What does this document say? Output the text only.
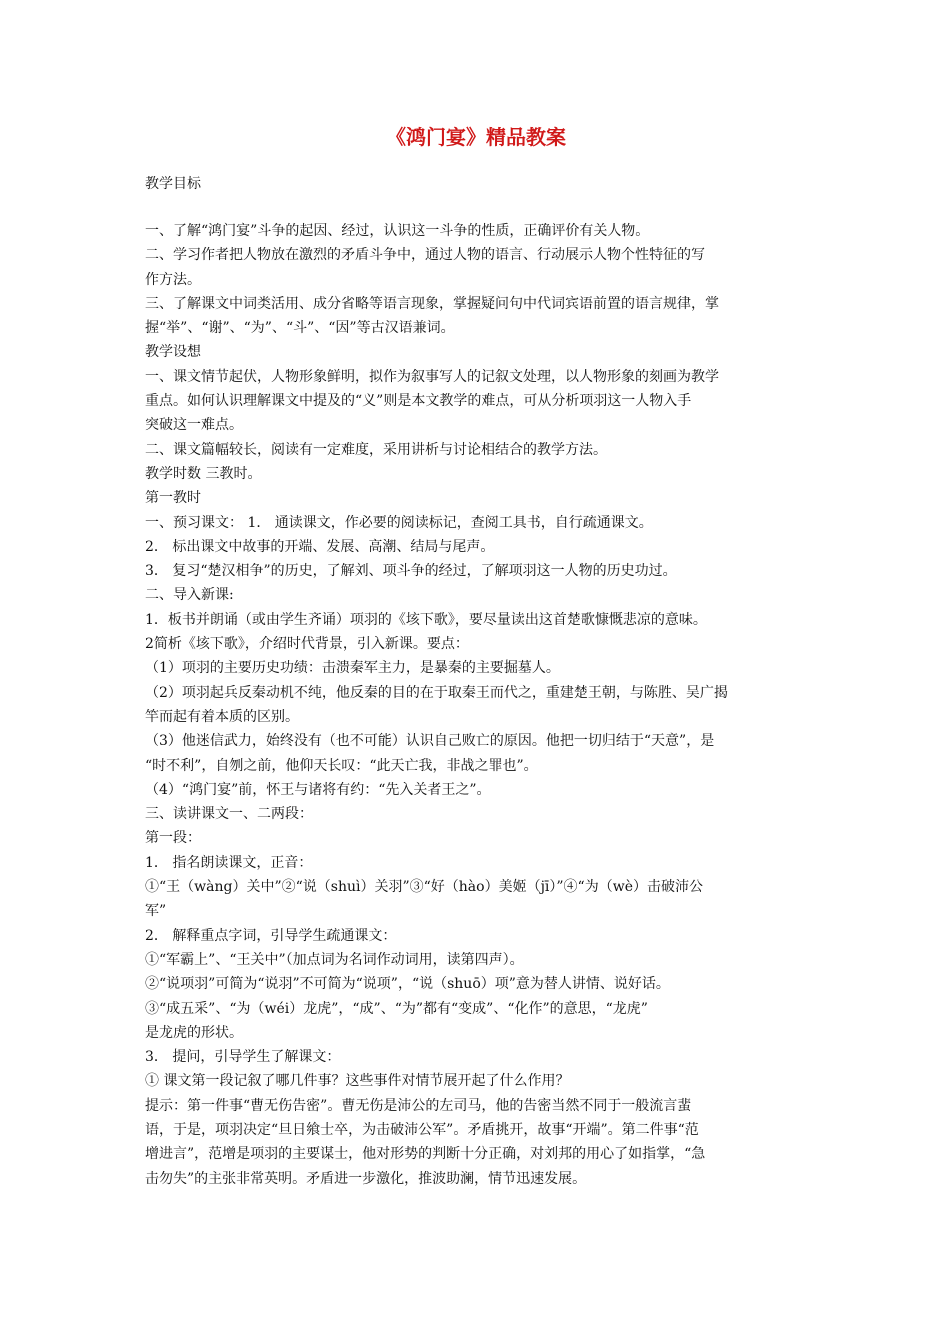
《鸿门宴》精品教案
教学目标
一、了解“鸿门宴”斗争的起因、经过，认识这一斗争的性质，正确评价有关人物。
二、学习作者把人物放在激烈的矛盾斗争中，通过人物的语言、行动展示人物个性特征的写
作方法。
三、了解课文中词类活用、成分省略等语言现象，掌握疑问句中代词宾语前置的语言规律，掌
握“举”、“谢”、“为”、“斗”、“因”等古汉语兼词。
教学设想
一、课文情节起伏，人物形象鲜明，拟作为叙事写人的记叙文处理，以人物形象的刻画为教学
重点。如何认识理解课文中提及的“义”则是本文教学的难点，可从分析项羽这一人物入手
突破这一难点。
二、课文篇幅较长，阅读有一定难度，采用讲析与讨论相结合的教学方法。
教学时数 三教时。
第一教时
一、预习课文： 1． 通读课文，作必要的阅读标记，查阅工具书，自行疏通课文。
2． 标出课文中故事的开端、发展、高潮、结局与尾声。
3． 复习“楚汉相争”的历史，了解刘、项斗争的经过，了解项羽这一人物的历史功过。
二、导入新课:
1．板书并朗诵（或由学生齐诵）项羽的《垓下歌》，要尽量读出这首楚歌慷慨悲凉的意味。
2简析《垓下歌》，介绍时代背景，引入新课。要点：
（1）项羽的主要历史功绩：击溃秦军主力，是暴秦的主要掘墓人。
（2）项羽起兵反秦动机不纯，他反秦的目的在于取秦王而代之，重建楚王朝，与陈胜、吴广揭
竿而起有着本质的区别。
（3）他迷信武力，始终没有（也不可能）认识自己败亡的原因。他把一切归结于“天意”，是
“时不利”，自刎之前，他仰天长叹：“此天亡我，非战之罪也”。
（4）“鸿门宴”前，怀王与诸将有约：“先入关者王之”。
三、读讲课文一、二两段：
第一段：
1． 指名朗读课文，正音：
①“王（wàng）关中”②“说（shuì）关羽”③“好（hào）美姬（jī）”④“为（wè）击破沛公
军”
2． 解释重点字词，引导学生疏通课文：
①“军霸上”、“王关中”（加点词为名词作动词用，读第四声）。
②“说项羽”可简为“说羽”不可简为“说项”，“说（shuō）项”意为替人讲情、说好话。
③“成五采”、“为（wéi）龙虎”，“成”、“为”都有“变成”、“化作”的意思，“龙虎”
是龙虎的形状。
3． 提问，引导学生了解课文：
① 课文第一段记叙了哪几件事？这些事件对情节展开起了什么作用？
提示：第一件事“曹无伤告密”。曹无伤是沛公的左司马，他的告密当然不同于一般流言蜚
语，于是，项羽决定“旦日飨士卒，为击破沛公军”。矛盾挑开，故事“开端”。第二件事“范
增进言”，范增是项羽的主要谋士，他对形势的判断十分正确，对刘邦的用心了如指掌，“急
击勿失”的主张非常英明。矛盾进一步激化，推波助澜，情节迅速发展。
